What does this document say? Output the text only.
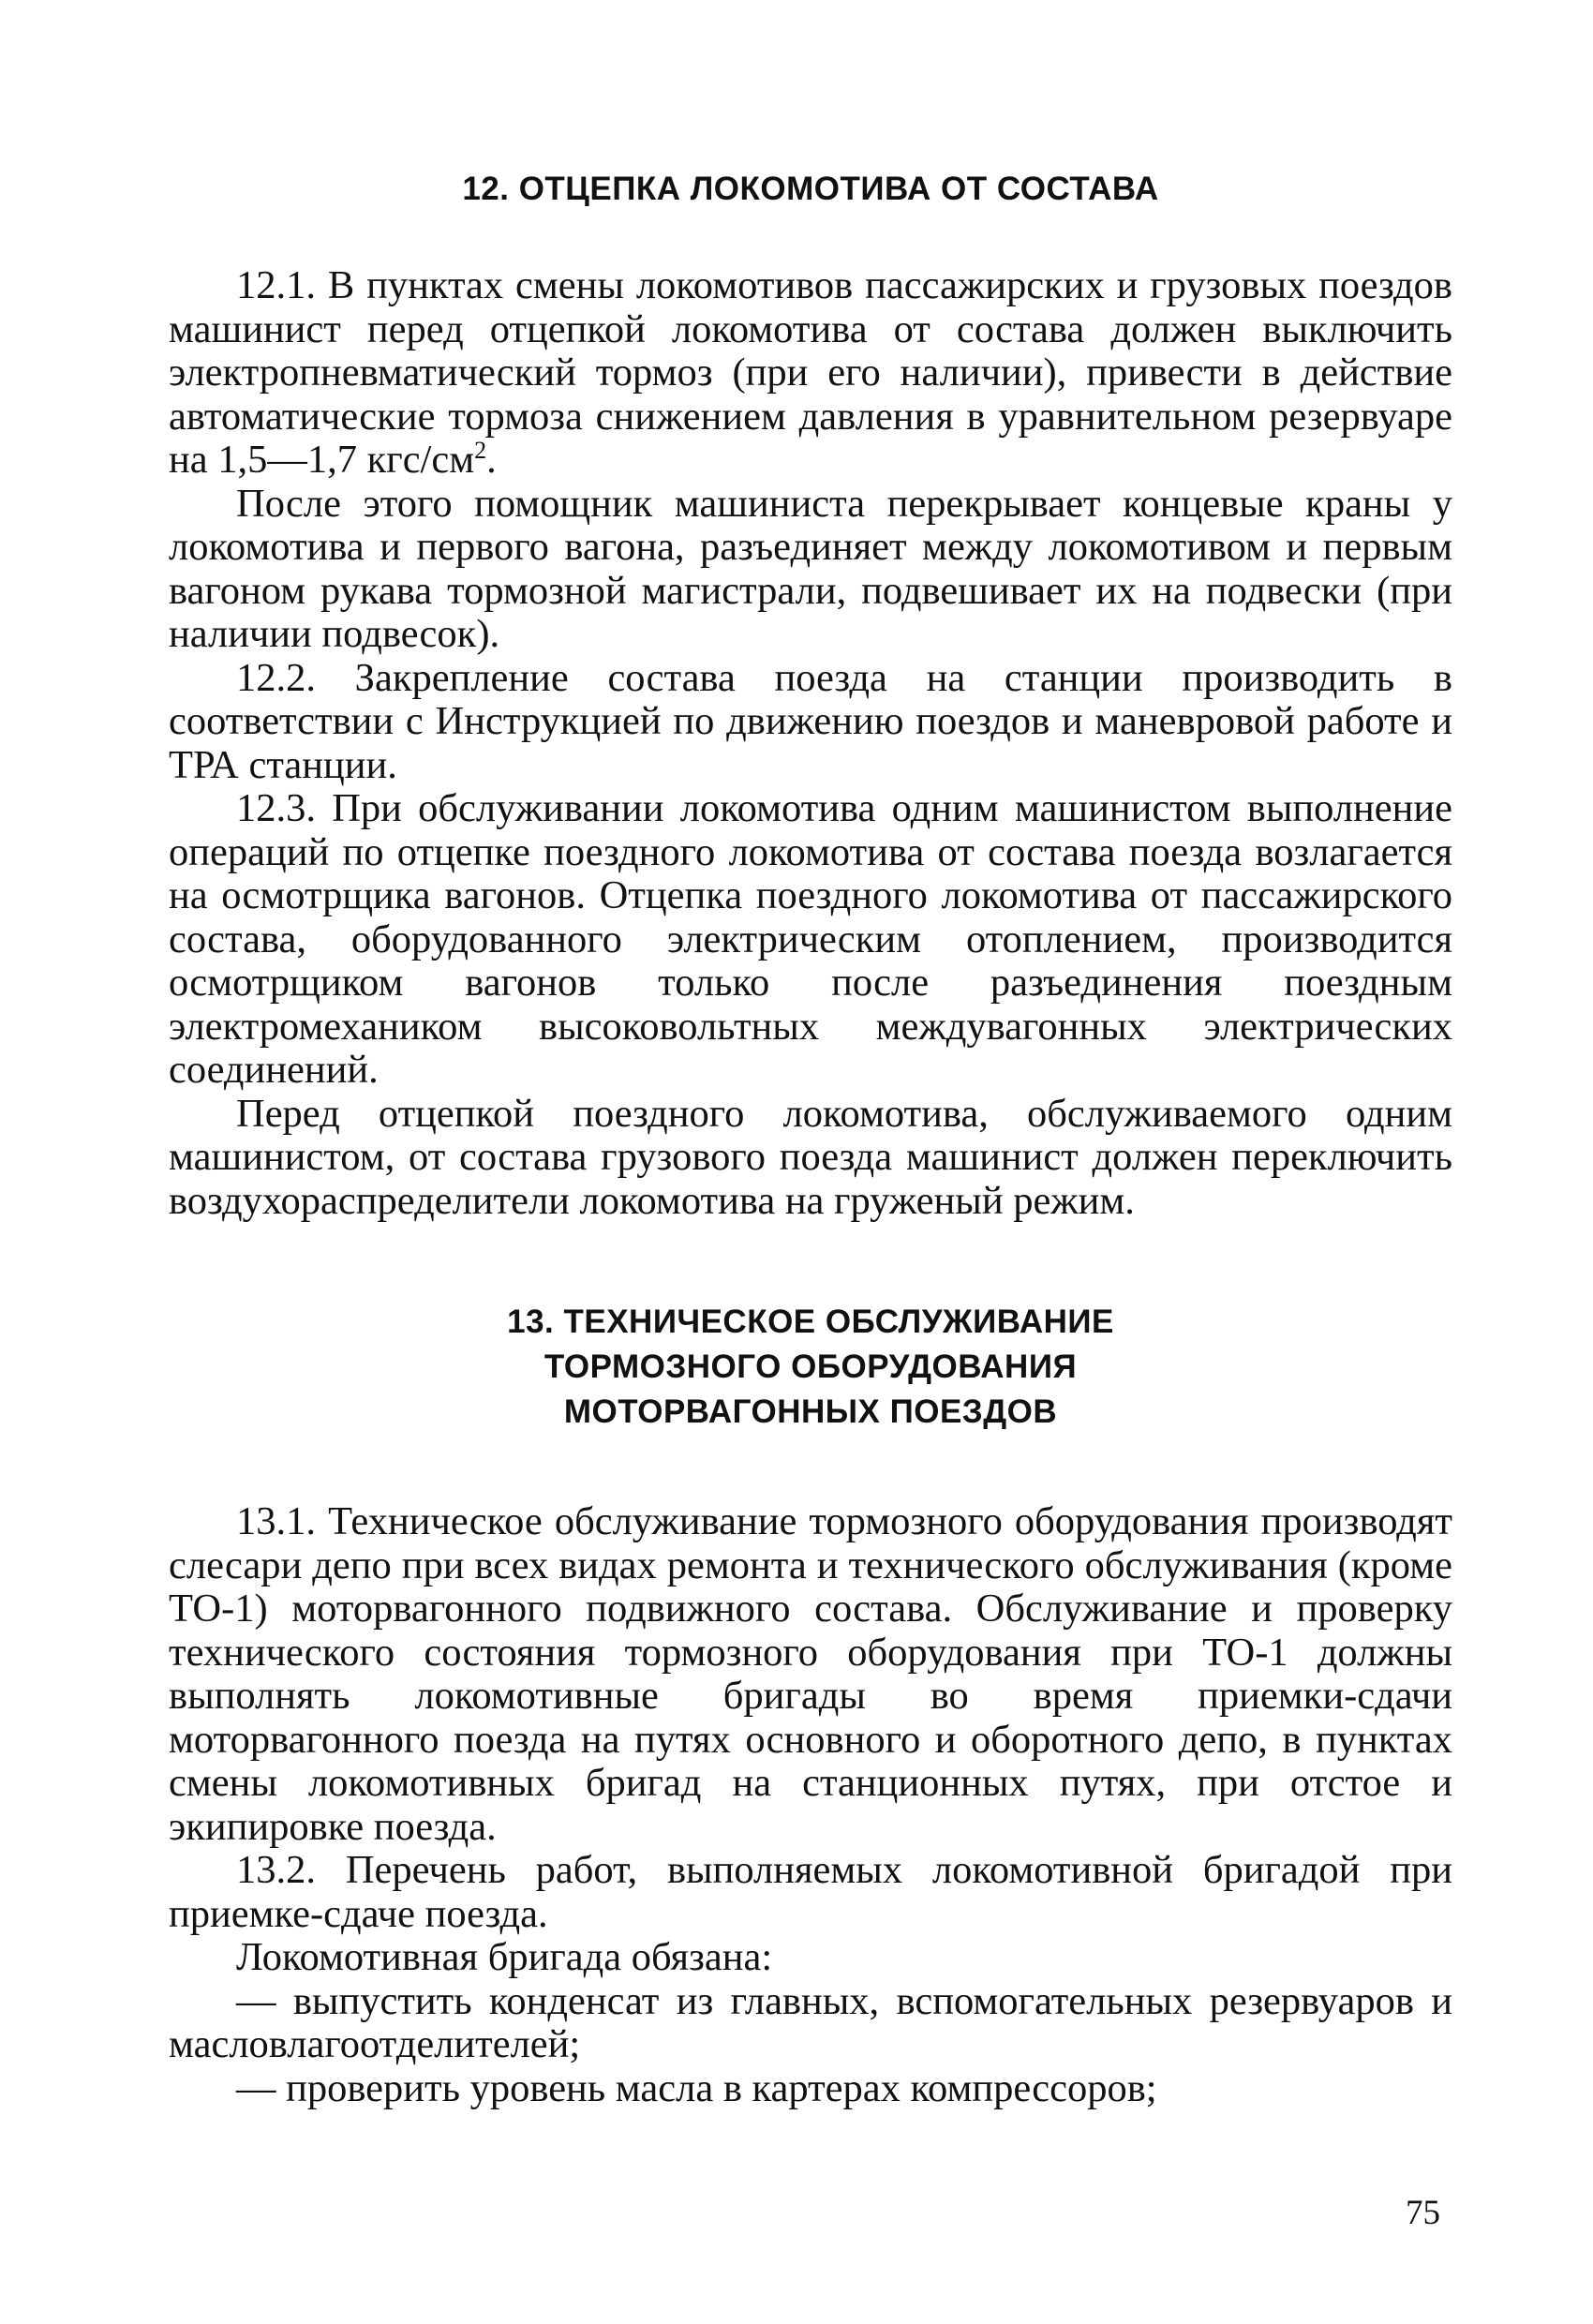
12. ОТЦЕПКА ЛОКОМОТИВА ОТ СОСТАВА

12.1. В пунктах смены локомотивов пассажирских и грузовых поездов машинист перед отцепкой локомотива от состава должен выключить электропневматический тормоз (при его наличии), привести в действие автоматические тормоза снижением давления в уравнительном резервуаре на 1,5—1,7 кгс/$см^2$.

После этого помощник машиниста перекрывает концевые краны у локомотива и первого вагона, разъединяет между локомотивом и первым вагоном рукава тормозной магистрали, подвешивает их на подвески (при наличии подвесок).

12.2. Закрепление состава поезда на станции производить в соответствии с Инструкцией по движению поездов и маневровой работе и ТРА станции.

12.3. При обслуживании локомотива одним машинистом выполнение операций по отцепке поездного локомотива от состава поезда возлагается на осмотрщика вагонов. Отцепка поездного локомотива от пассажирского состава, оборудованного электрическим отоплением, производится осмотрщиком вагонов только после разъединения поездным электромехаником высоковольтных междувагонных электрических соединений.

Перед отцепкой поездного локомотива, обслуживаемого одним машинистом, от состава грузового поезда машинист должен переключить воздухораспределители локомотива на груженый режим.

13. ТЕХНИЧЕСКОЕ ОБСЛУЖИВАНИЕ
ТОРМОЗНОГО ОБОРУДОВАНИЯ
МОТОРВАГОННЫХ ПОЕЗДОВ

13.1. Техническое обслуживание тормозного оборудования производят слесари депо при всех видах ремонта и технического обслуживания (кроме ТО-1) моторвагонного подвижного состава. Обслуживание и проверку технического состояния тормозного оборудования при ТО-1 должны выполнять локомотивные бригады во время приемки-сдачи моторвагонного поезда на путях основного и оборотного депо, в пунктах смены локомотивных бригад на станционных путях, при отстое и экипировке поезда.

13.2. Перечень работ, выполняемых локомотивной бригадой при приемке-сдаче поезда.

Локомотивная бригада обязана:

— выпустить конденсат из главных, вспомогательных резервуаров и масловлагоотделителей;

— проверить уровень масла в картерах компрессоров;

75
